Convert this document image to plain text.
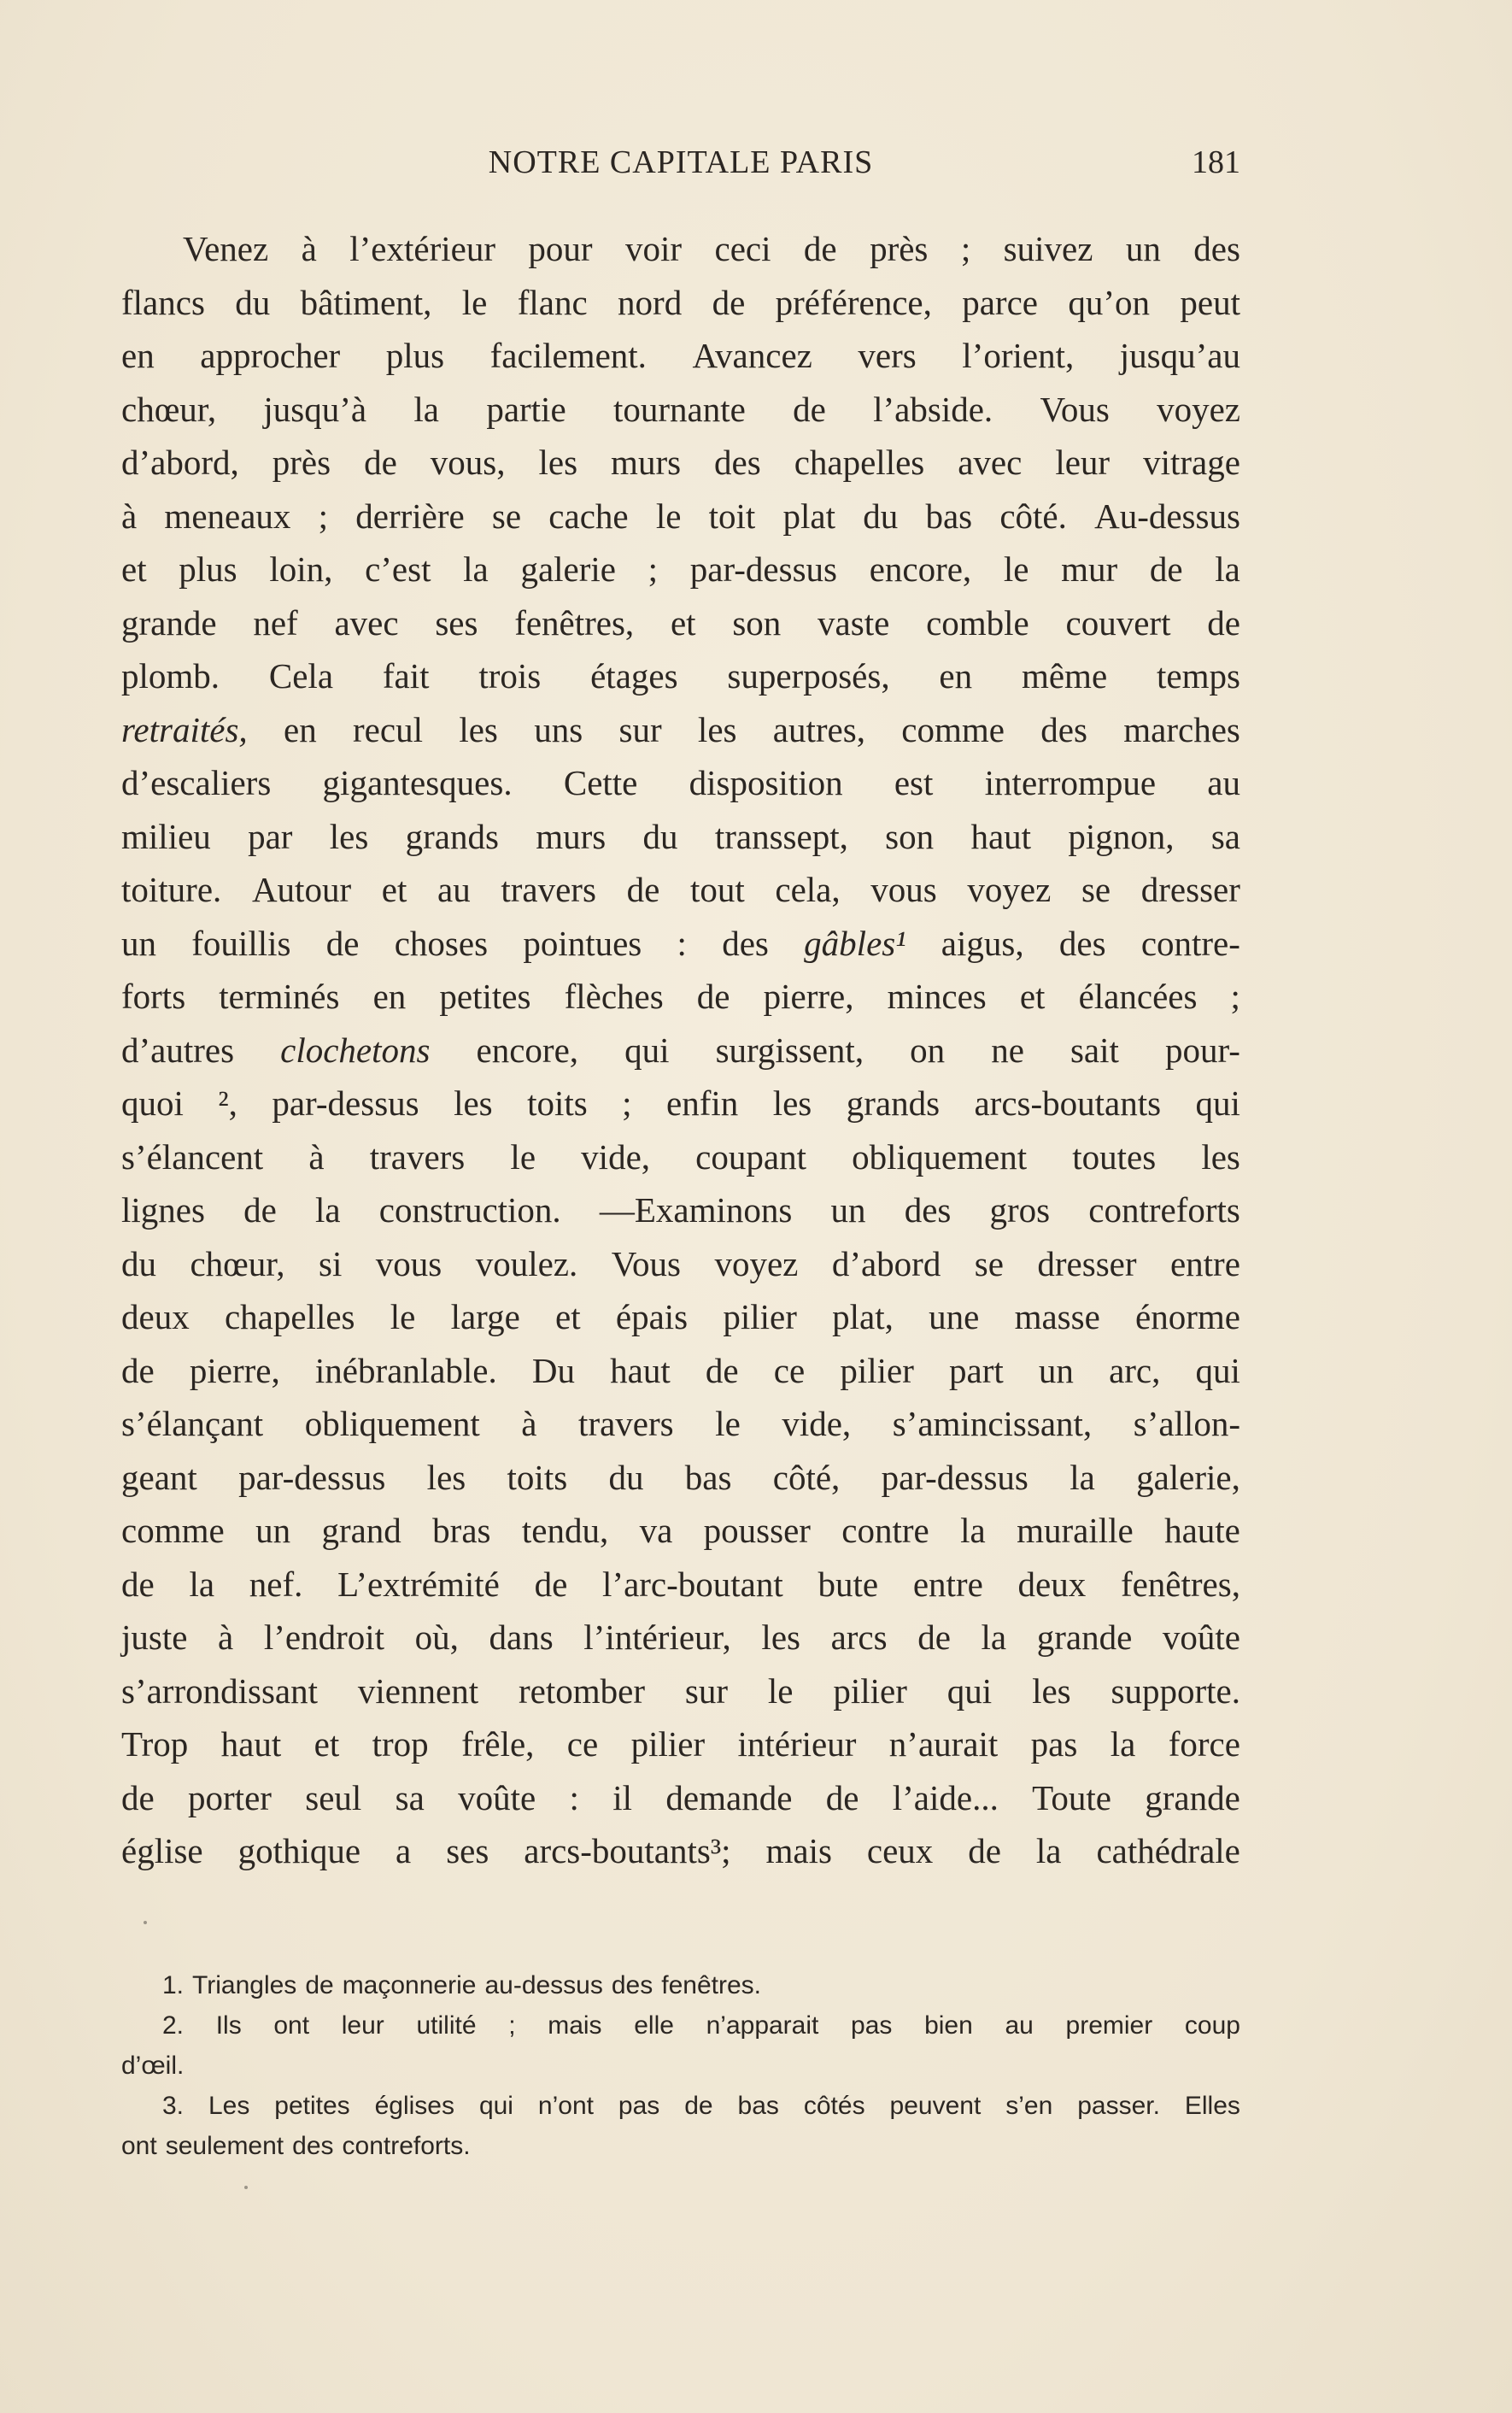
NOTRE CAPITALE PARIS	181
Venez à l’extérieur pour voir ceci de près ; suivez un des
flancs du bâtiment, le flanc nord de préférence, parce qu’on peut
en approcher plus facilement. Avancez vers l’orient, jusqu’au
chœur, jusqu’à la partie tournante de l’abside. Vous voyez
d’abord, près de vous, les murs des chapelles avec leur vitrage
à meneaux ; derrière se cache le toit plat du bas côté. Au-dessus
et plus loin, c’est la galerie ; par-dessus encore, le mur de la
grande nef avec ses fenêtres, et son vaste comble couvert de
plomb. Cela fait trois étages superposés, en même temps
retraités, en recul les uns sur les autres, comme des marches
d’escaliers gigantesques. Cette disposition est interrompue au
milieu par les grands murs du transsept, son haut pignon, sa
toiture. Autour et au travers de tout cela, vous voyez se dresser
un fouillis de choses pointues : des gâbles¹ aigus, des contre-
forts terminés en petites flèches de pierre, minces et élancées ;
d’autres clochetons encore, qui surgissent, on ne sait pour-
quoi ², par-dessus les toits ; enfin les grands arcs-boutants qui
s’élancent à travers le vide, coupant obliquement toutes les
lignes de la construction. —Examinons un des gros contreforts
du chœur, si vous voulez. Vous voyez d’abord se dresser entre
deux chapelles le large et épais pilier plat, une masse énorme
de pierre, inébranlable. Du haut de ce pilier part un arc, qui
s’élançant obliquement à travers le vide, s’amincissant, s’allon-
geant par-dessus les toits du bas côté, par-dessus la galerie,
comme un grand bras tendu, va pousser contre la muraille haute
de la nef. L’extrémité de l’arc-boutant bute entre deux fenêtres,
juste à l’endroit où, dans l’intérieur, les arcs de la grande voûte
s’arrondissant viennent retomber sur le pilier qui les supporte.
Trop haut et trop frêle, ce pilier intérieur n’aurait pas la force
de porter seul sa voûte : il demande de l’aide... Toute grande
église gothique a ses arcs-boutants³; mais ceux de la cathédrale
1. Triangles de maçonnerie au-dessus des fenêtres.
2. Ils ont leur utilité ; mais elle n’apparait pas bien au premier coup
d’œil.
3. Les petites églises qui n’ont pas de bas côtés peuvent s’en passer. Elles
ont seulement des contreforts.
